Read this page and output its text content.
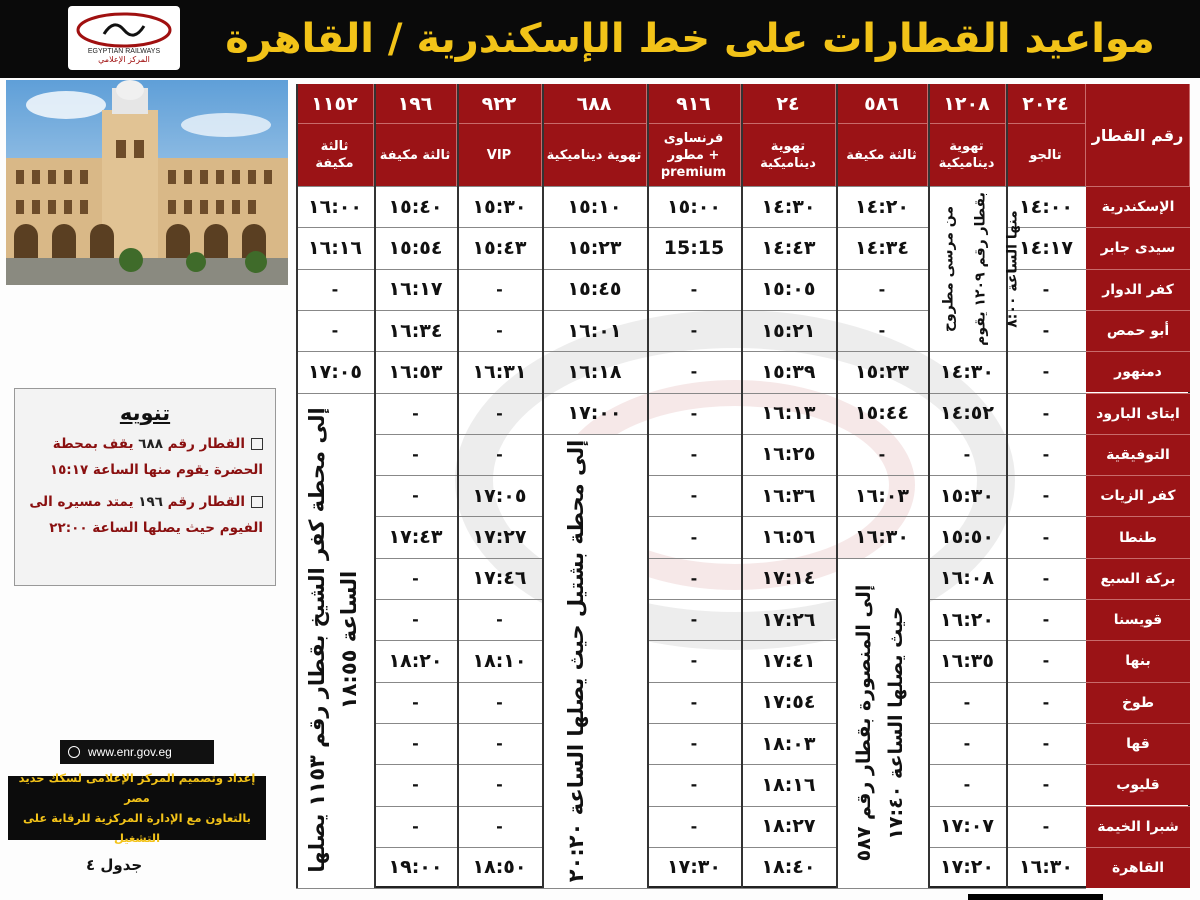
EGYPTIAN RAILWAYS
المركز الإعلامي	مواعيد القطارات على خط الإسكندرية / القاهرة
تنويه
القطار رقم ٦٨٨ يقف بمحطة الحضرة يقوم منها الساعة ١٥:١٧
القطار رقم ١٩٦ يمتد مسيره الى الفيوم حيث يصلها الساعة ٢٢:٠٠
www.enr.gov.eg
إعداد وتصميم المركز الإعلامى لسكك حديد مصر
بالتعاون مع الإدارة المركزية للرقابة على التشغيل
جدول ٤
رقم القطار
٢٠٢٤
تالجو
١٢٠٨
تهوية ديناميكية
٥٨٦
ثالثة مكيفة
٢٤
تهوية ديناميكية
٩١٦
فرنساوى مطور + premium
٦٨٨
تهوية ديناميكية
٩٢٢
VIP
١٩٦
ثالثة مكيفة
١١٥٢
ثالثة مكيفة
الإسكندرية
سيدى جابر
كفر الدوار
أبو حمص
دمنهور
ايتاى البارود
التوفيقية
كفر الزيات
طنطا
بركة السبع
قويسنا
بنها
طوخ
قها
قليوب
شبرا الخيمة
القاهرة
١٤:٠٠
١٤:٢٠
١٤:٣٠
١٥:٠٠
١٥:١٠
١٥:٣٠
١٥:٤٠
١٦:٠٠
١٤:١٧
١٤:٣٤
١٤:٤٣
15:15
١٥:٢٣
١٥:٤٣
١٥:٥٤
١٦:١٦
-
-
١٥:٠٥
-
١٥:٤٥
-
١٦:١٧
-
-
-
١٥:٢١
-
١٦:٠١
-
١٦:٣٤
-
-
١٤:٣٠
١٥:٢٣
١٥:٣٩
-
١٦:١٨
١٦:٣١
١٦:٥٣
١٧:٠٥
-
١٤:٥٢
١٥:٤٤
١٦:١٣
-
١٧:٠٠
-
-
-
-
-
١٦:٢٥
-
-
-
-
١٥:٣٠
١٦:٠٣
١٦:٣٦
-
١٧:٠٥
-
-
١٥:٥٠
١٦:٣٠
١٦:٥٦
-
١٧:٢٧
١٧:٤٣
-
١٦:٠٨
١٧:١٤
-
١٧:٤٦
-
-
١٦:٢٠
١٧:٢٦
-
-
-
-
١٦:٣٥
١٧:٤١
-
١٨:١٠
١٨:٢٠
-
-
١٧:٥٤
-
-
-
-
-
١٨:٠٣
-
-
-
-
-
١٨:١٦
-
-
-
-
١٧:٠٧
١٨:٢٧
-
-
-
١٦:٣٠
١٧:٢٠
١٨:٤٠
١٧:٣٠
١٨:٥٠
١٩:٠٠
من مرسى مطروح بقطار رقم ١٢٠٩ يقوم منها الساعة ٨:٠٠
إلى المنصورة بقطار رقم ٥٨٧ حيث يصلها الساعة ١٧:٤٠
إلى محطة بشتيل حيث يصلها الساعة ٢٠:٢٠
إلى محطة كفر الشيخ بقطار رقم ١١٥٣ يصلها الساعة ١٨:٥٥
